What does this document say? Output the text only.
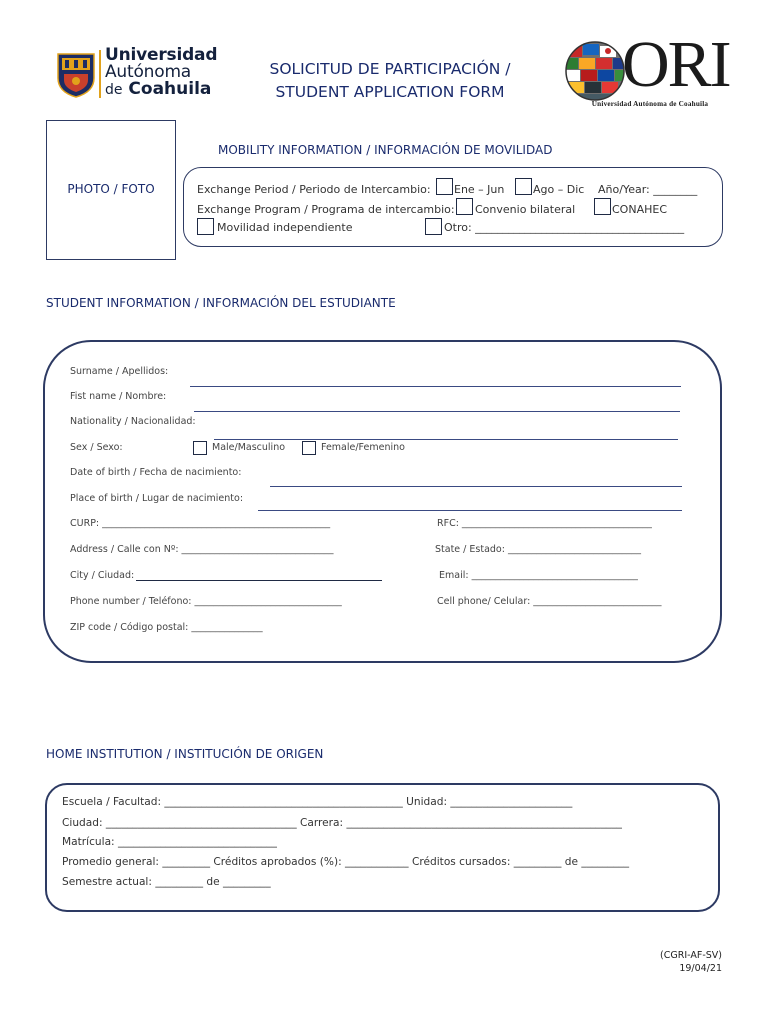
Universidad
Autónoma
de Coahuila
SOLICITUD DE PARTICIPACIÓN /
STUDENT APPLICATION FORM	ORI
Universidad Autónoma de Coahuila
PHOTO / FOTO
MOBILITY INFORMATION / INFORMACIÓN DE MOVILIDAD
Exchange Period / Periodo de Intercambio: Ene – Jun	Ago – Dic Año/Year: ________
Exchange Program / Programa de intercambio: Convenio bilateral	CONAHEC
Movilidad independiente	Otro: ______________________________________
STUDENT INFORMATION / INFORMACIÓN DEL ESTUDIANTE
Surname / Apellidos:
Fist name / Nombre:
Nationality / Nacionalidad:
Sex / Sexo:	Male/Masculino	Female/Femenino
Date of birth / Fecha de nacimiento:
Place of birth / Lugar de nacimiento:
CURP: ________________________________________________	RFC: ________________________________________
Address / Calle con Nº: ________________________________	State / Estado: ____________________________
City / Ciudad:	Email: ___________________________________
Phone number / Teléfono: _______________________________	Cell phone/ Celular: ___________________________
ZIP code / Código postal: _______________
HOME INSTITUTION / INSTITUCIÓN DE ORIGEN
Escuela / Facultad: _____________________________________________ Unidad: _______________________
Ciudad: ____________________________________ Carrera: ____________________________________________________
Matrícula: ______________________________
Promedio general: _________ Créditos aprobados (%): ____________ Créditos cursados: _________ de _________
Semestre actual: _________ de _________
(CGRI-AF-SV)
19/04/21
